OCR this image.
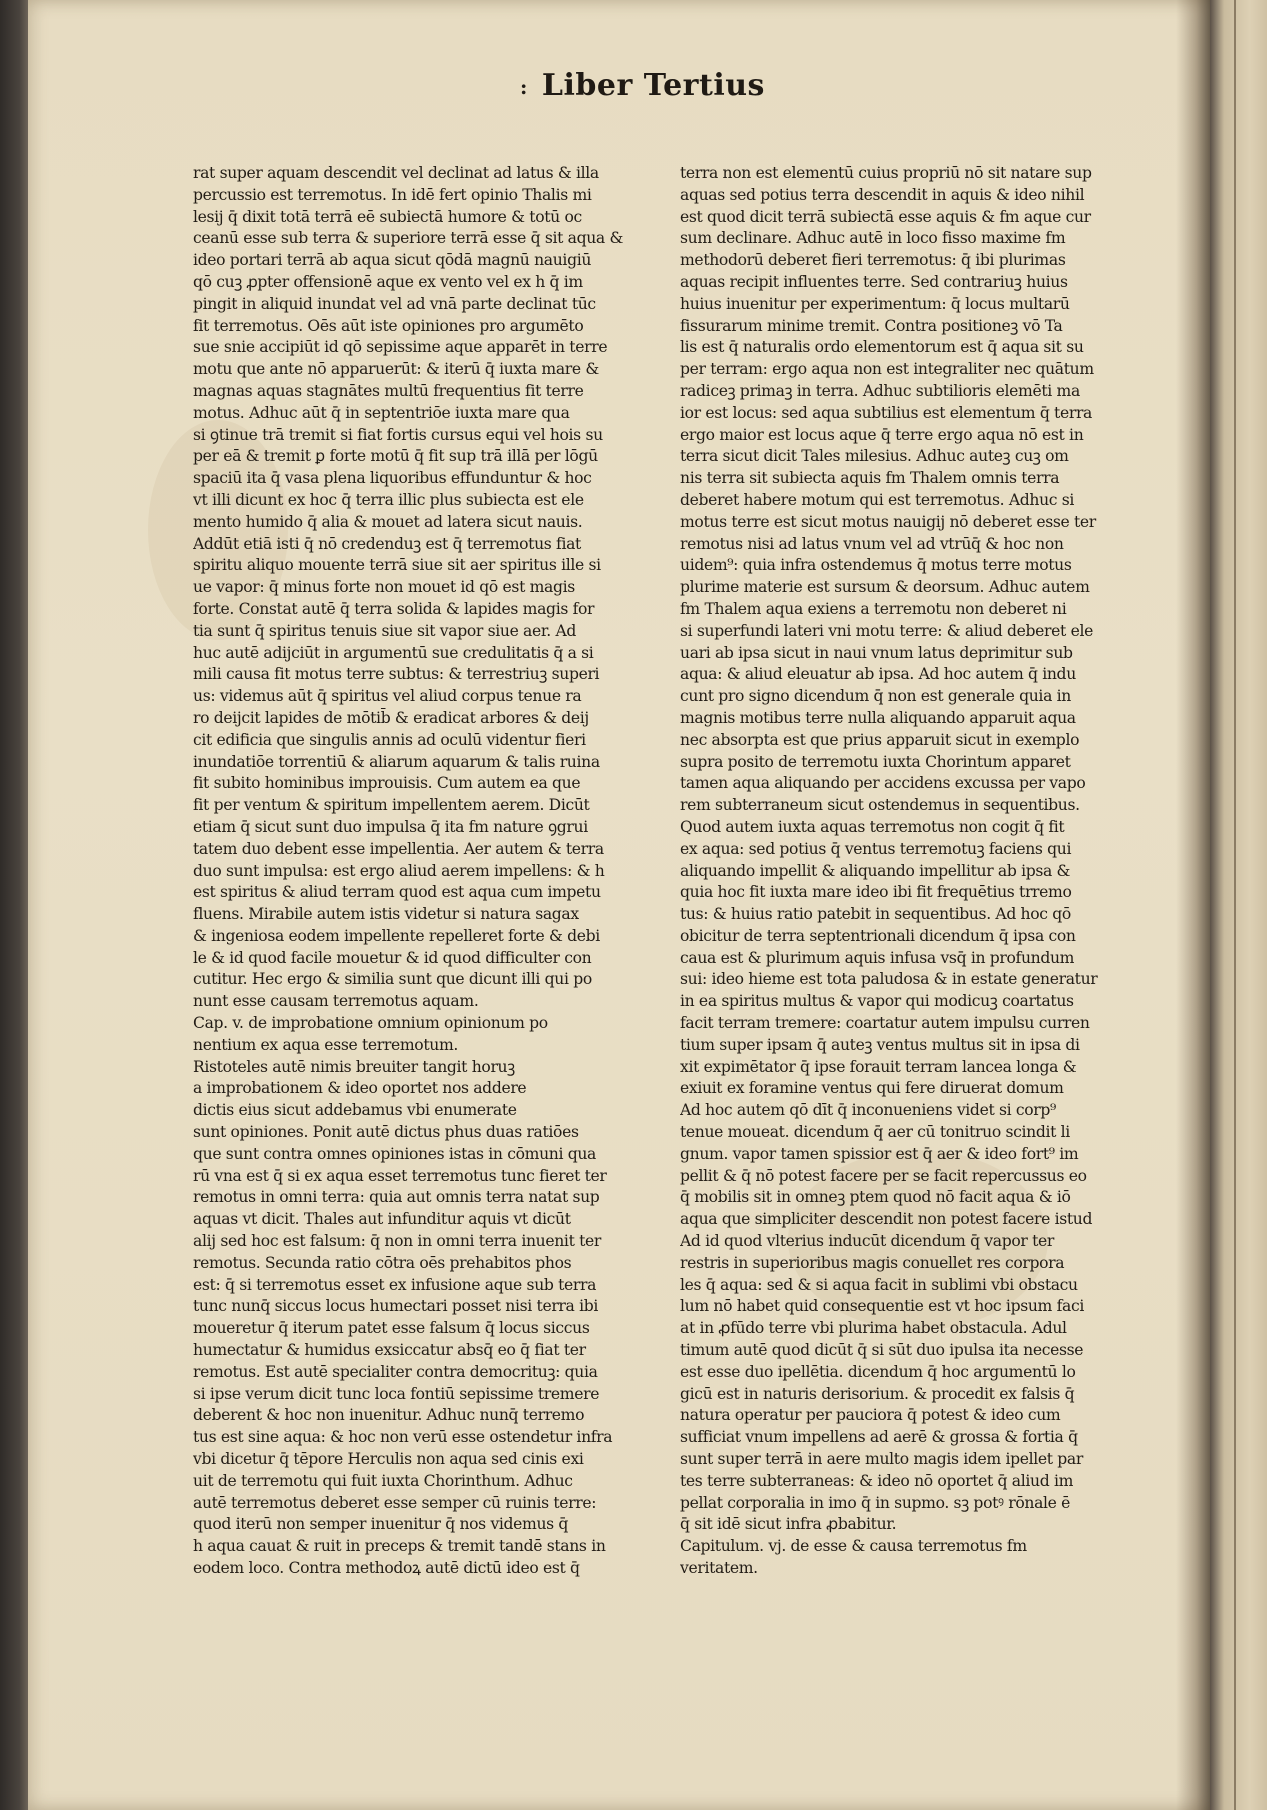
: Liber Tertius
rat super aquam descendit vel declinat ad latus & illa
percussio est terremotus. In idē fert opinio Thalis mi
lesij q̄ dixit totā terrā eē subiectā humore & totū oc
ceanū esse sub terra & superiore terrā esse q̄ sit aqua &
ideo portari terrā ab aqua sicut qōdā magnū nauigiū
qō cuꝫ ꝓpter offensionē aque ex vento vel ex h q̄ im
pingit in aliquid inundat vel ad vnā parte declinat tūc
fit terremotus. Oēs aūt iste opiniones pro argumēto
sue snie accipiūt id qō sepissime aque apparēt in terre
motu que ante nō apparuerūt: & iterū q̄ iuxta mare &
magnas aquas stagnātes multū frequentius fit terre
motus. Adhuc aūt q̄ in septentriōe iuxta mare qua
si ꝯtinue trā tremit si fiat fortis cursus equi vel hois su
per eā & tremit ꝑ forte motū q̄ fit sup trā illā per lōgū
spaciū ita q̄ vasa plena liquoribus effunduntur & hoc
vt illi dicunt ex hoc q̄ terra illic plus subiecta est ele
mento humido q̄ alia & mouet ad latera sicut nauis.
Addūt etiā isti q̄ nō credenduꝫ est q̄ terremotus fiat
spiritu aliquo mouente terrā siue sit aer spiritus ille si
ue vapor: q̄ minus forte non mouet id qō est magis
forte. Constat autē q̄ terra solida & lapides magis for
tia sunt q̄ spiritus tenuis siue sit vapor siue aer. Ad
huc autē adijciūt in argumentū sue credulitatis q̄ a si
mili causa fit motus terre subtus: & terrestriuꝫ superi
us: videmus aūt q̄ spiritus vel aliud corpus tenue ra
ro deijcit lapides de mōtib̄ & eradicat arbores & deij
cit edificia que singulis annis ad oculū videntur fieri
inundatiōe torrentiū & aliarum aquarum & talis ruina
fit subito hominibus improuisis. Cum autem ea que
fit per ventum & spiritum impellentem aerem. Dicūt
etiam q̄ sicut sunt duo impulsa q̄ ita fm nature ꝯgrui
tatem duo debent esse impellentia. Aer autem & terra
duo sunt impulsa: est ergo aliud aerem impellens: & h
est spiritus & aliud terram quod est aqua cum impetu
fluens. Mirabile autem istis videtur si natura sagax
& ingeniosa eodem impellente repelleret forte & debi
le & id quod facile mouetur & id quod difficulter con
cutitur. Hec ergo & similia sunt que dicunt illi qui po
nunt esse causam terremotus aquam.
Cap. v. de improbatione omnium opinionum po
nentium ex aqua esse terremotum.
Ristoteles autē nimis breuiter tangit horuꝫ
a improbationem & ideo oportet nos addere
dictis eius sicut addebamus vbi enumerate
sunt opiniones. Ponit autē dictus phus duas ratiōes
que sunt contra omnes opiniones istas in cōmuni qua
rū vna est q̄ si ex aqua esset terremotus tunc fieret ter
remotus in omni terra: quia aut omnis terra natat sup
aquas vt dicit. Thales aut infunditur aquis vt dicūt
alij sed hoc est falsum: q̄ non in omni terra inuenit ter
remotus. Secunda ratio cōtra oēs prehabitos phos
est: q̄ si terremotus esset ex infusione aque sub terra
tunc nunq̄ siccus locus humectari posset nisi terra ibi
moueretur q̄ iterum patet esse falsum q̄ locus siccus
humectatur & humidus exsiccatur absq̄ eo q̄ fiat ter
remotus. Est autē specialiter contra democrituꝫ: quia
si ipse verum dicit tunc loca fontiū sepissime tremere
deberent & hoc non inuenitur. Adhuc nunq̄ terremo
tus est sine aqua: & hoc non verū esse ostendetur infra
vbi dicetur q̄ tēpore Herculis non aqua sed cinis exi
uit de terremotu qui fuit iuxta Chorinthum. Adhuc
autē terremotus deberet esse semper cū ruinis terre:
quod iterū non semper inuenitur q̄ nos videmus q̄
h aqua cauat & ruit in preceps & tremit tandē stans in
eodem loco. Contra methodoꝝ autē dictū ideo est q̄
terra non est elementū cuius propriū nō sit natare sup
aquas sed potius terra descendit in aquis & ideo nihil
est quod dicit terrā subiectā esse aquis & fm aque cur
sum declinare. Adhuc autē in loco fisso maxime fm
methodorū deberet fieri terremotus: q̄ ibi plurimas
aquas recipit influentes terre. Sed contrariuꝫ huius
huius inuenitur per experimentum: q̄ locus multarū
fissurarum minime tremit. Contra positioneꝫ vō Ta
lis est q̄ naturalis ordo elementorum est q̄ aqua sit su
per terram: ergo aqua non est integraliter nec quātum
radiceꝫ primaꝫ in terra. Adhuc subtilioris elemēti ma
ior est locus: sed aqua subtilius est elementum q̄ terra
ergo maior est locus aque q̄ terre ergo aqua nō est in
terra sicut dicit Tales milesius. Adhuc auteꝫ cuꝫ om
nis terra sit subiecta aquis fm Thalem omnis terra
deberet habere motum qui est terremotus. Adhuc si
motus terre est sicut motus nauigij nō deberet esse ter
remotus nisi ad latus vnum vel ad vtrūq̄ & hoc non
uidem⁹: quia infra ostendemus q̄ motus terre motus
plurime materie est sursum & deorsum. Adhuc autem
fm Thalem aqua exiens a terremotu non deberet ni
si superfundi lateri vni motu terre: & aliud deberet ele
uari ab ipsa sicut in naui vnum latus deprimitur sub
aqua: & aliud eleuatur ab ipsa. Ad hoc autem q̄ indu
cunt pro signo dicendum q̄ non est generale quia in
magnis motibus terre nulla aliquando apparuit aqua
nec absorpta est que prius apparuit sicut in exemplo
supra posito de terremotu iuxta Chorintum apparet
tamen aqua aliquando per accidens excussa per vapo
rem subterraneum sicut ostendemus in sequentibus.
Quod autem iuxta aquas terremotus non cogit q̄ fit
ex aqua: sed potius q̄ ventus terremotuꝫ faciens qui
aliquando impellit & aliquando impellitur ab ipsa &
quia hoc fit iuxta mare ideo ibi fit frequētius trremo
tus: & huius ratio patebit in sequentibus. Ad hoc qō
obicitur de terra septentrionali dicendum q̄ ipsa con
caua est & plurimum aquis infusa vsq̄ in profundum
sui: ideo hieme est tota paludosa & in estate generatur
in ea spiritus multus & vapor qui modicuꝫ coartatus
facit terram tremere: coartatur autem impulsu curren
tium super ipsam q̄ auteꝫ ventus multus sit in ipsa di
xit expimētator q̄ ipse forauit terram lancea longa &
exiuit ex foramine ventus qui fere diruerat domum
Ad hoc autem qō dīt q̄ inconueniens videt si corp⁹
tenue moueat. dicendum q̄ aer cū tonitruo scindit li
gnum. vapor tamen spissior est q̄ aer & ideo fort⁹ im
pellit & q̄ nō potest facere per se facit repercussus eo
q̄ mobilis sit in omneꝫ ptem quod nō facit aqua & iō
aqua que simpliciter descendit non potest facere istud
Ad id quod vlterius inducūt dicendum q̄ vapor ter
restris in superioribus magis conuellet res corpora
les q̄ aqua: sed & si aqua facit in sublimi vbi obstacu
lum nō habet quid consequentie est vt hoc ipsum faci
at in ꝓfūdo terre vbi plurima habet obstacula. Adul
timum autē quod dicūt q̄ si sūt duo ipulsa ita necesse
est esse duo ipellētia. dicendum q̄ hoc argumentū lo
gicū est in naturis derisorium. & procedit ex falsis q̄
natura operatur per pauciora q̄ potest & ideo cum
sufficiat vnum impellens ad aerē & grossa & fortia q̄
sunt super terrā in aere multo magis idem ipellet par
tes terre subterraneas: & ideo nō oportet q̄ aliud im
pellat corporalia in imo q̄ in supmo. sꝫ potꝰ rōnale ē
q̄ sit idē sicut infra ꝓbabitur.
Capitulum. vj. de esse & causa terremotus fm
veritatem.
